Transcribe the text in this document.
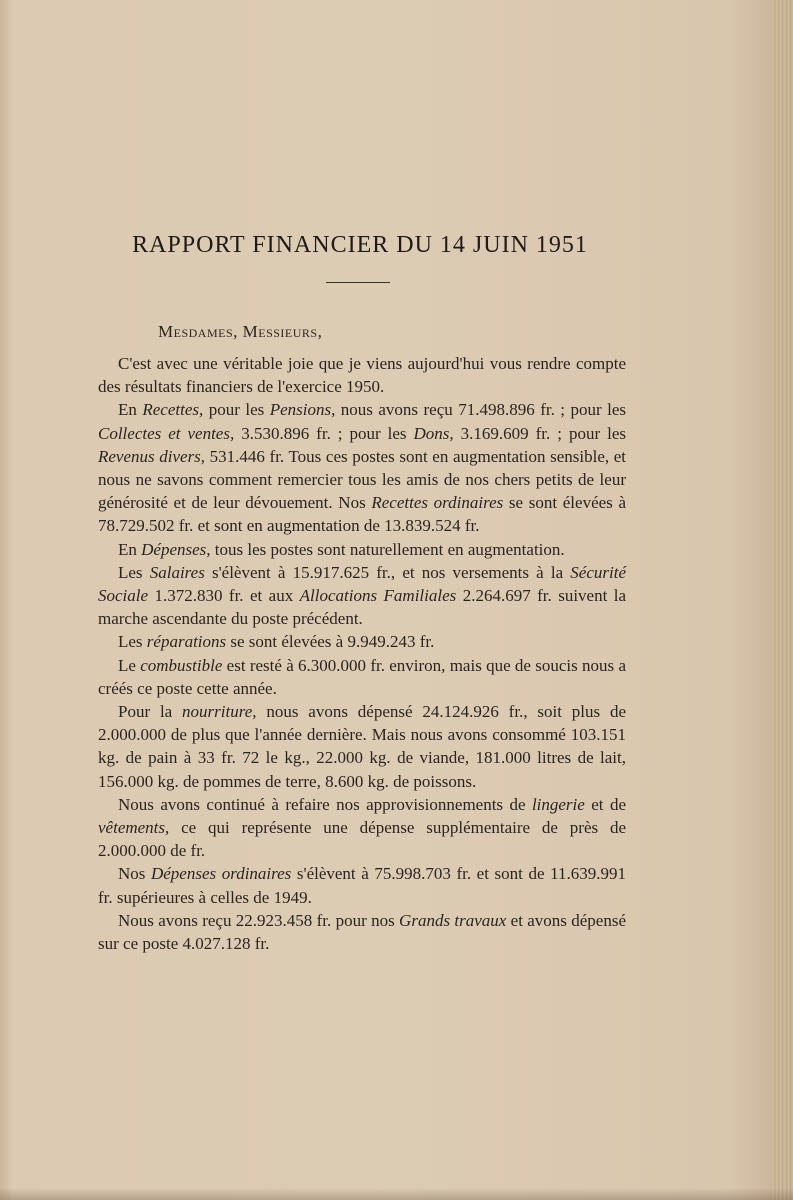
RAPPORT FINANCIER DU 14 JUIN 1951
Mesdames, Messieurs,

C'est avec une véritable joie que je viens aujourd'hui vous rendre compte des résultats financiers de l'exercice 1950.

En Recettes, pour les Pensions, nous avons reçu 71.498.896 fr. ; pour les Collectes et ventes, 3.530.896 fr. ; pour les Dons, 3.169.609 fr. ; pour les Revenus divers, 531.446 fr. Tous ces postes sont en augmentation sensible, et nous ne savons comment remercier tous les amis de nos chers petits de leur générosité et de leur dévouement. Nos Recettes ordinaires se sont élevées à 78.729.502 fr. et sont en augmentation de 13.839.524 fr.

En Dépenses, tous les postes sont naturellement en augmentation.

Les Salaires s'élèvent à 15.917.625 fr., et nos versements à la Sécurité Sociale 1.372.830 fr. et aux Allocations Familiales 2.264.697 fr. suivent la marche ascendante du poste précédent.

Les réparations se sont élevées à 9.949.243 fr.

Le combustible est resté à 6.300.000 fr. environ, mais que de soucis nous a créés ce poste cette année.

Pour la nourriture, nous avons dépensé 24.124.926 fr., soit plus de 2.000.000 de plus que l'année dernière. Mais nous avons consommé 103.151 kg. de pain à 33 fr. 72 le kg., 22.000 kg. de viande, 181.000 litres de lait, 156.000 kg. de pommes de terre, 8.600 kg. de poissons.

Nous avons continué à refaire nos approvisionnements de lingerie et de vêtements, ce qui représente une dépense supplémentaire de près de 2.000.000 de fr.

Nos Dépenses ordinaires s'élèvent à 75.998.703 fr. et sont de 11.639.991 fr. supérieures à celles de 1949.

Nous avons reçu 22.923.458 fr. pour nos Grands travaux et avons dépensé sur ce poste 4.027.128 fr.
